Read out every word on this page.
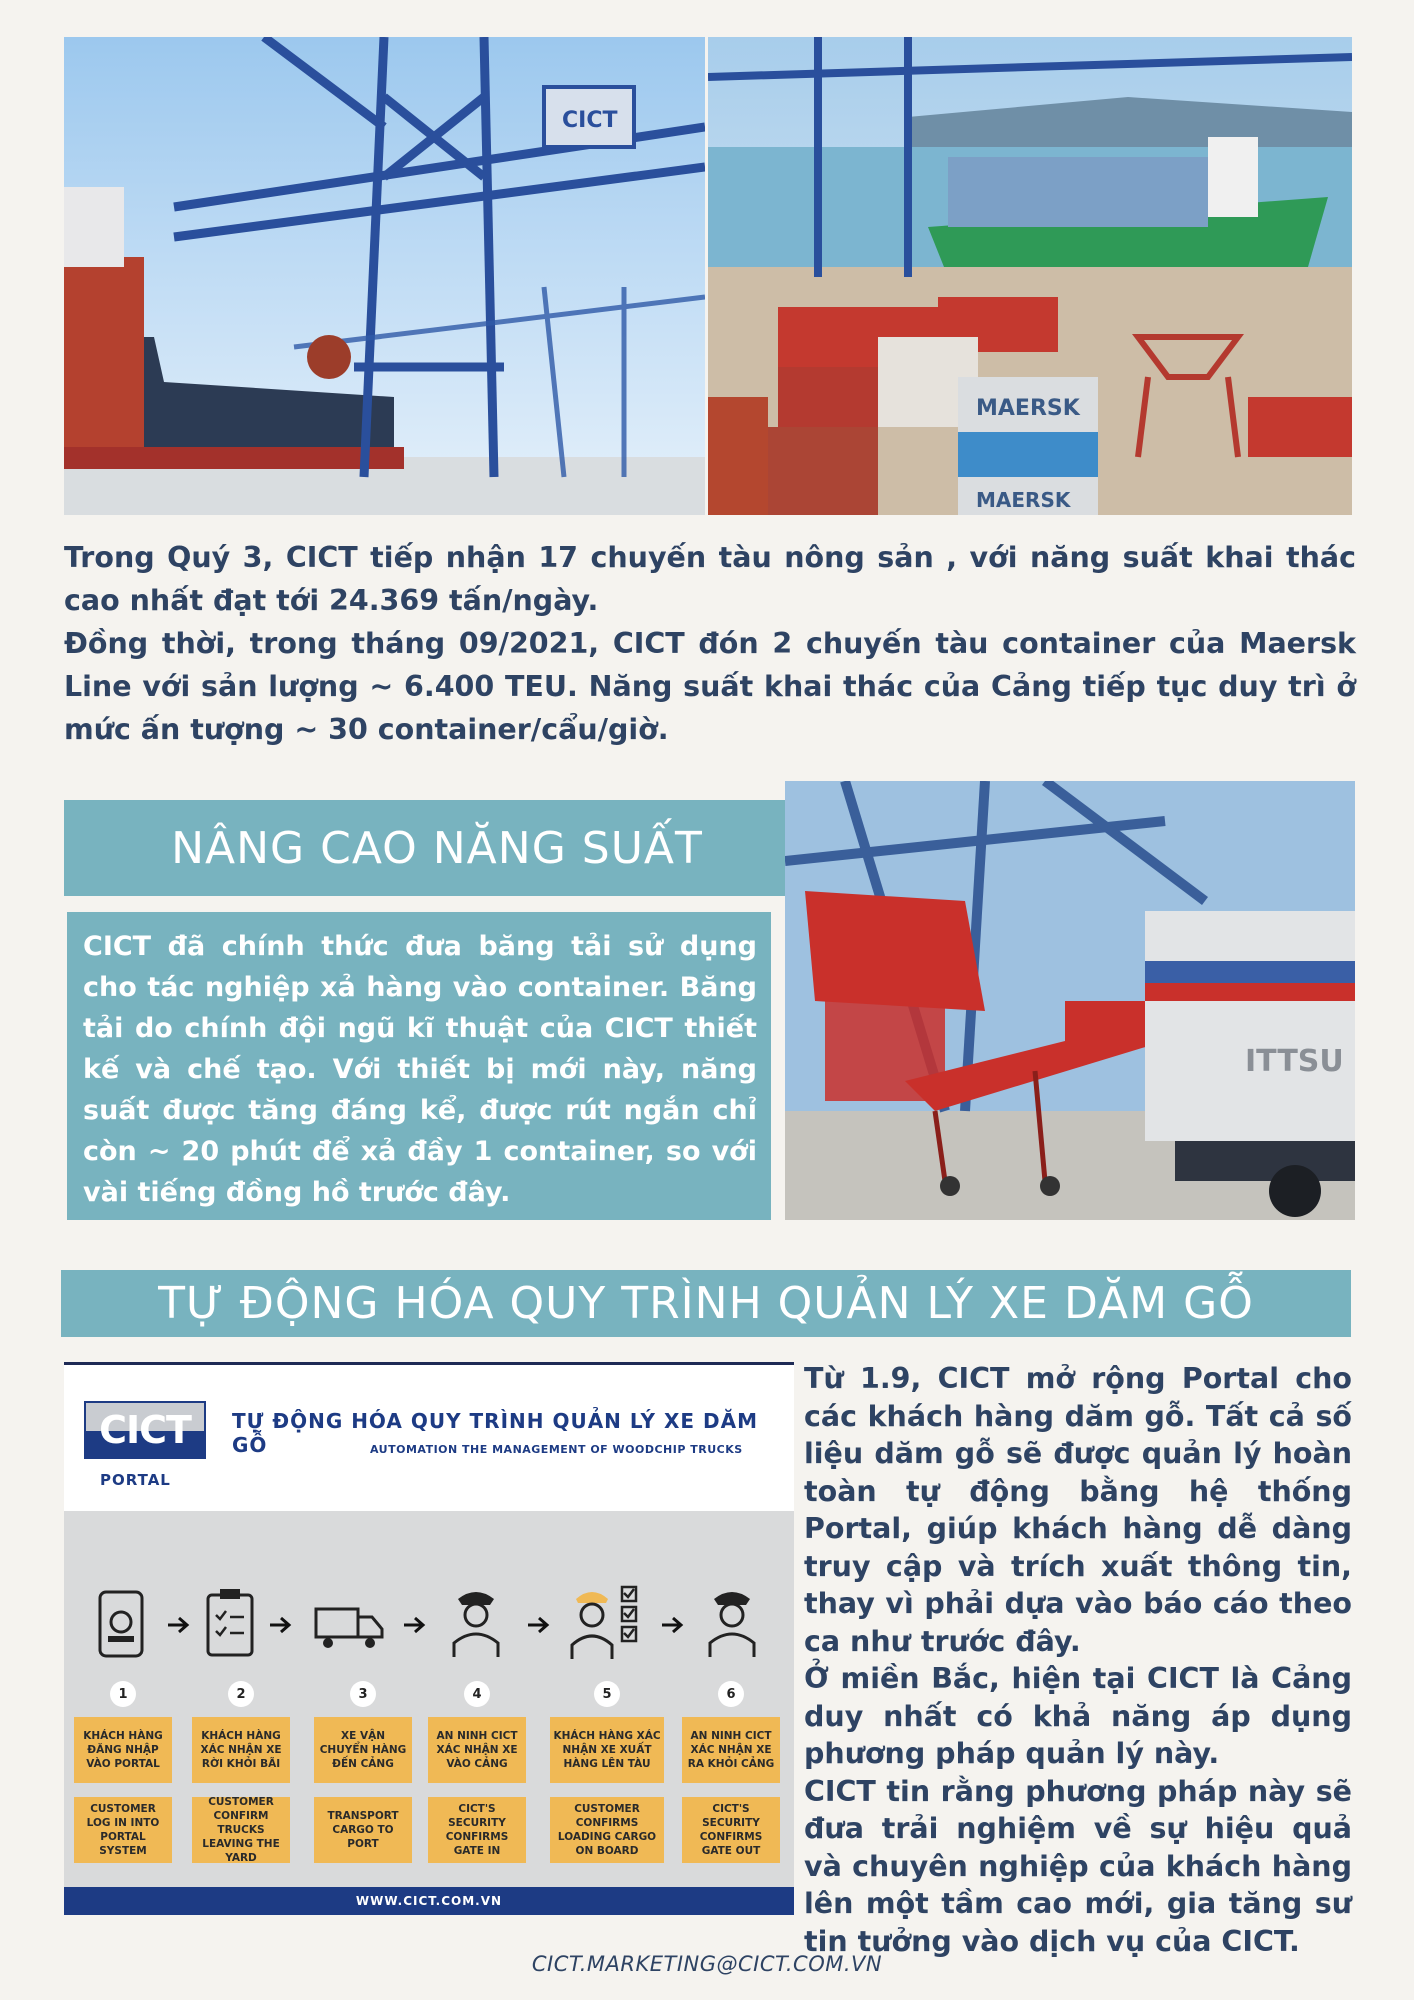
CICT
MAERSK
MAERSK
Trong Quý 3, CICT tiếp nhận 17 chuyến tàu nông sản , với năng suất khai thác cao nhất đạt tới 24.369 tấn/ngày.
Đồng thời, trong tháng 09/2021, CICT đón 2 chuyến tàu container của Maersk Line với sản lượng ~ 6.400 TEU. Năng suất khai thác của Cảng tiếp tục duy trì ở mức ấn tượng ~ 30 container/cẩu/giờ.
NÂNG CAO NĂNG SUẤT
CICT đã chính thức đưa băng tải sử dụng cho tác nghiệp xả hàng vào container. Băng tải do chính đội ngũ kĩ thuật của CICT thiết kế và chế tạo. Với thiết bị mới này, năng suất được tăng đáng kể, được rút ngắn chỉ còn ~ 20 phút để xả đầy 1 container, so với vài tiếng đồng hồ trước đây.
ITTSU
TỰ ĐỘNG HÓA QUY TRÌNH QUẢN LÝ XE DĂM GỖ
CICT
PORTAL
TỰ ĐỘNG HÓA QUY TRÌNH QUẢN LÝ XE DĂM GỖ	AUTOMATION THE MANAGEMENT OF WOODCHIP TRUCKS
1
KHÁCH HÀNG ĐĂNG NHẬP VÀO PORTAL
CUSTOMER LOG IN INTO PORTAL SYSTEM
2
KHÁCH HÀNG XÁC NHẬN XE RỜI KHỎI BÃI
CUSTOMER CONFIRM TRUCKS LEAVING THE YARD
3
XE VẬN CHUYỂN HÀNG ĐẾN CẢNG
TRANSPORT CARGO TO PORT
4
AN NINH CICT XÁC NHẬN XE VÀO CẢNG
CICT'S SECURITY CONFIRMS GATE IN
5
KHÁCH HÀNG XÁC NHẬN XE XUẤT HÀNG LÊN TÀU
CUSTOMER CONFIRMS LOADING CARGO ON BOARD
6
AN NINH CICT XÁC NHẬN XE RA KHỎI CẢNG
CICT'S SECURITY CONFIRMS GATE OUT
WWW.CICT.COM.VN
Từ 1.9, CICT mở rộng Portal cho các khách hàng dăm gỗ. Tất cả số liệu dăm gỗ sẽ được quản lý hoàn toàn tự động bằng hệ thống Portal, giúp khách hàng dễ dàng truy cập và trích xuất thông tin, thay vì phải dựa vào báo cáo theo ca như trước đây.
Ở miền Bắc, hiện tại CICT là Cảng duy nhất có khả năng áp dụng phương pháp quản lý này.
CICT tin rằng phương pháp này sẽ đưa trải nghiệm về sự hiệu quả và chuyên nghiệp của khách hàng lên một tầm cao mới, gia tăng sư tin tưởng vào dịch vụ của CICT.
CICT.MARKETING@CICT.COM.VN
